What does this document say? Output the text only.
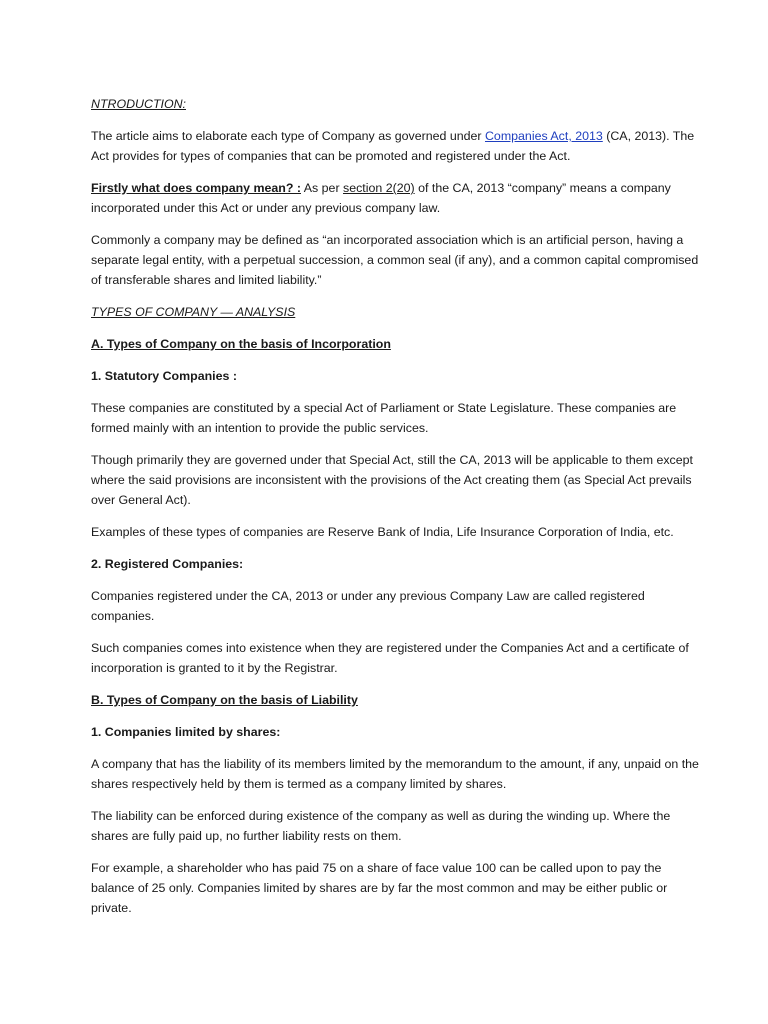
NTRODUCTION:

The article aims to elaborate each type of Company as governed under Companies Act, 2013 (CA, 2013). The Act provides for types of companies that can be promoted and registered under the Act.

Firstly what does company mean? : As per section 2(20) of the CA, 2013 “company” means a company incorporated under this Act or under any previous company law.

Commonly a company may be defined as “an incorporated association which is an artificial person, having a separate legal entity, with a perpetual succession, a common seal (if any), and a common capital compromised of transferable shares and limited liability.”

TYPES OF COMPANY — ANALYSIS

A. Types of Company on the basis of Incorporation

1. Statutory Companies :

These companies are constituted by a special Act of Parliament or State Legislature. These companies are formed mainly with an intention to provide the public services.

Though primarily they are governed under that Special Act, still the CA, 2013 will be applicable to them except where the said provisions are inconsistent with the provisions of the Act creating them (as Special Act prevails over General Act).

Examples of these types of companies are Reserve Bank of India, Life Insurance Corporation of India, etc.

2. Registered Companies:

Companies registered under the CA, 2013 or under any previous Company Law are called registered companies.

Such companies comes into existence when they are registered under the Companies Act and a certificate of incorporation is granted to it by the Registrar.

B. Types of Company on the basis of Liability

1. Companies limited by shares:

A company that has the liability of its members limited by the memorandum to the amount, if any, unpaid on the shares respectively held by them is termed as a company limited by shares.

The liability can be enforced during existence of the company as well as during the winding up. Where the shares are fully paid up, no further liability rests on them.

For example, a shareholder who has paid 75 on a share of face value 100 can be called upon to pay the balance of 25 only. Companies limited by shares are by far the most common and may be either public or private.
